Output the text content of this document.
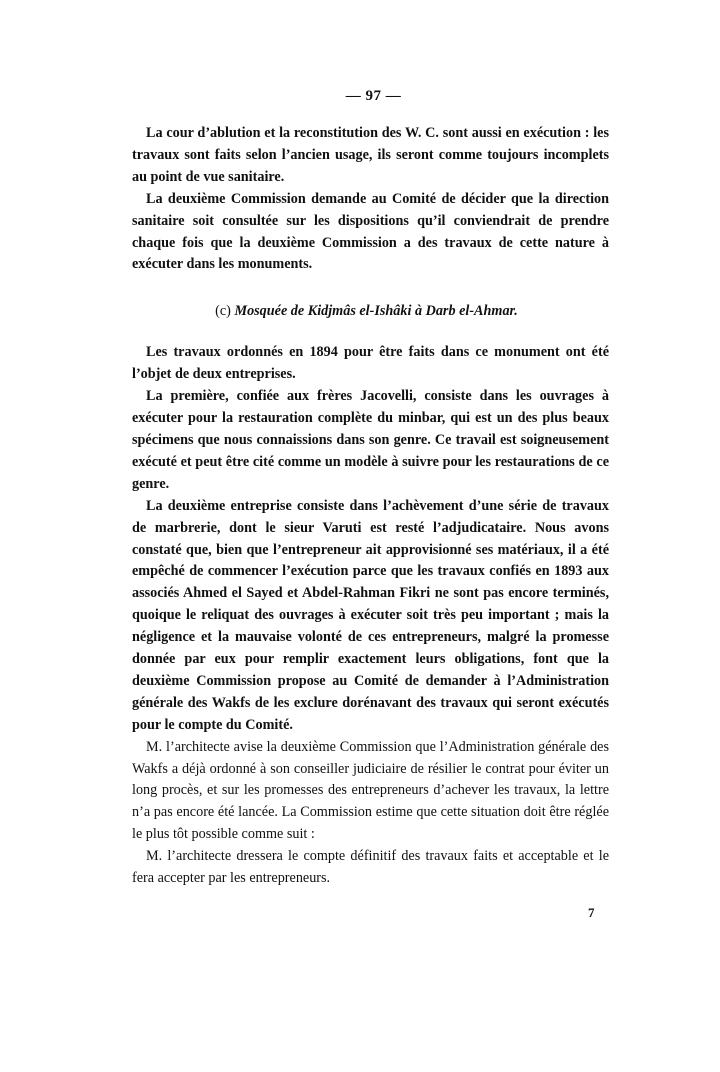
— 97 —

La cour d’ablution et la reconstitution des W. C. sont aussi en exécution : les travaux sont faits selon l’ancien usage, ils seront comme toujours incomplets au point de vue sanitaire.

La deuxième Commission demande au Comité de décider que la direction sanitaire soit consultée sur les dispositions qu’il conviendrait de prendre chaque fois que la deuxième Commission a des travaux de cette nature à exécuter dans les monuments.

(c) Mosquée de Kidjmâs el-Ishâki à Darb el-Ahmar.

Les travaux ordonnés en 1894 pour être faits dans ce monument ont été l’objet de deux entreprises.

La première, confiée aux frères Jacovelli, consiste dans les ouvrages à exécuter pour la restauration complète du minbar, qui est un des plus beaux spécimens que nous connaissions dans son genre. Ce travail est soigneusement exécuté et peut être cité comme un modèle à suivre pour les restaurations de ce genre.

La deuxième entreprise consiste dans l’achèvement d’une série de travaux de marbrerie, dont le sieur Varuti est resté l’adjudicataire. Nous avons constaté que, bien que l’entrepreneur ait approvisionné ses matériaux, il a été empêché de commencer l’exécution parce que les travaux confiés en 1893 aux associés Ahmed el Sayed et Abdel-Rahman Fikri ne sont pas encore terminés, quoique le reliquat des ouvrages à exécuter soit très peu important ; mais la négligence et la mauvaise volonté de ces entrepreneurs, malgré la promesse donnée par eux pour remplir exactement leurs obligations, font que la deuxième Commission propose au Comité de demander à l’Administration générale des Wakfs de les exclure dorénavant des travaux qui seront exécutés pour le compte du Comité.

M. l’architecte avise la deuxième Commission que l’Administration générale des Wakfs a déjà ordonné à son conseiller judiciaire de résilier le contrat pour éviter un long procès, et sur les promesses des entrepreneurs d’achever les travaux, la lettre n’a pas encore été lancée. La Commission estime que cette situation doit être réglée le plus tôt possible comme suit :

M. l’architecte dressera le compte définitif des travaux faits et acceptable et le fera accepter par les entrepreneurs.

7
